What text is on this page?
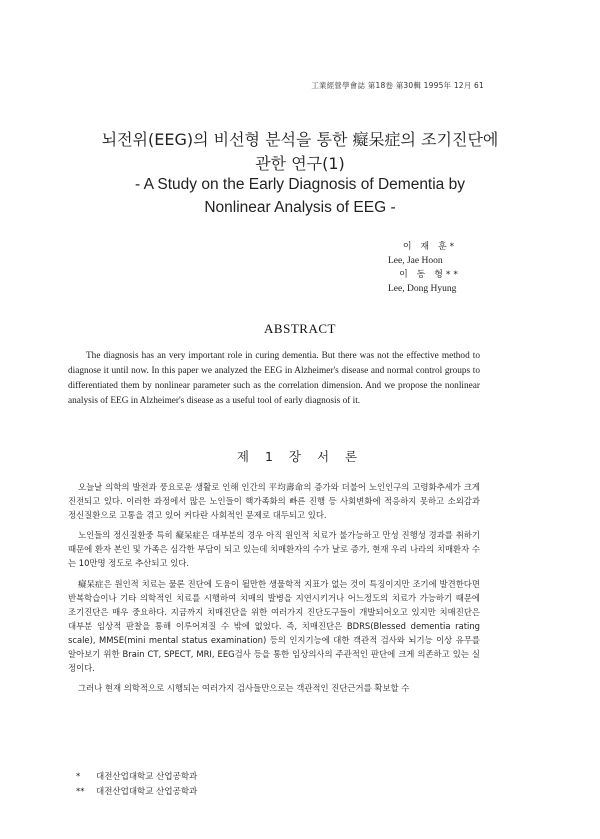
工業經營學會誌 第18卷 第30輯 1995年 12月 61
뇌전위(EEG)의 비선형 분석을 통한 癡呆症의 조기진단에
관한 연구(1)
- A Study on the Early Diagnosis of Dementia by
Nonlinear Analysis of EEG -
이 재 훈*
Lee, Jae Hoon
이 동 형**
Lee, Dong Hyung
ABSTRACT

The diagnosis has an very important role in curing dementia. But there was not the effective method to diagnose it until now. In this paper we analyzed the EEG in Alzheimer's disease and normal control groups to differentiated them by nonlinear parameter such as the correlation dimension. And we propose the nonlinear analysis of EEG in Alzheimer's disease as a useful tool of early diagnosis of it.

제 1 장 서 론

오늘날 의학의 발전과 풍요로운 생활로 인해 인간의 平均壽命의 증가와 더불어 노인인구의 고령화추세가 크게 진전되고 있다. 이러한 과정에서 많은 노인들이 핵가족화의 빠른 진행 등 사회변화에 적응하지 못하고 소외감과 정신질환으로 고통을 겪고 있어 커다란 사회적인 문제로 대두되고 있다.

노인들의 정신질환중 특히 癡呆症은 대부분의 경우 아직 원인적 치료가 불가능하고 만성 진행성 경과를 취하기 때문에 환자 본인 및 가족은 심각한 부담이 되고 있는데 치매환자의 수가 날로 증가, 현재 우리 나라의 치매환자 수는 10만명 정도로 추산되고 있다.

癡呆症은 원인적 치료는 물론 진단에 도움이 될만한 생물학적 지표가 없는 것이 특징이지만 조기에 발견한다면 반복학습이나 기타 의학적인 치료를 시행하여 치매의 발병을 지연시키거나 어느정도의 치료가 가능하기 때문에 조기진단은 매우 중요하다. 지금까지 치매진단을 위한 여러가지 진단도구들이 개발되어오고 있지만 치매진단은 대부분 임상적 판찰을 통해 이루어져질 수 밖에 없었다. 즉, 치매진단은 BDRS(Blessed dementia rating scale), MMSE(mini mental status examination) 등의 인지기능에 대한 객관적 검사와 뇌기능 이상 유무를 알아보기 위한 Brain CT, SPECT, MRI, EEG검사 등을 통한 임상의사의 주관적인 판단에 크게 의존하고 있는 실정이다.

그러나 현재 의학적으로 시행되는 여러가지 검사들만으로는 객관적인 진단근거를 확보할 수

*	대전산업대학교 산업공학과
**	대전산업대학교 산업공학과
